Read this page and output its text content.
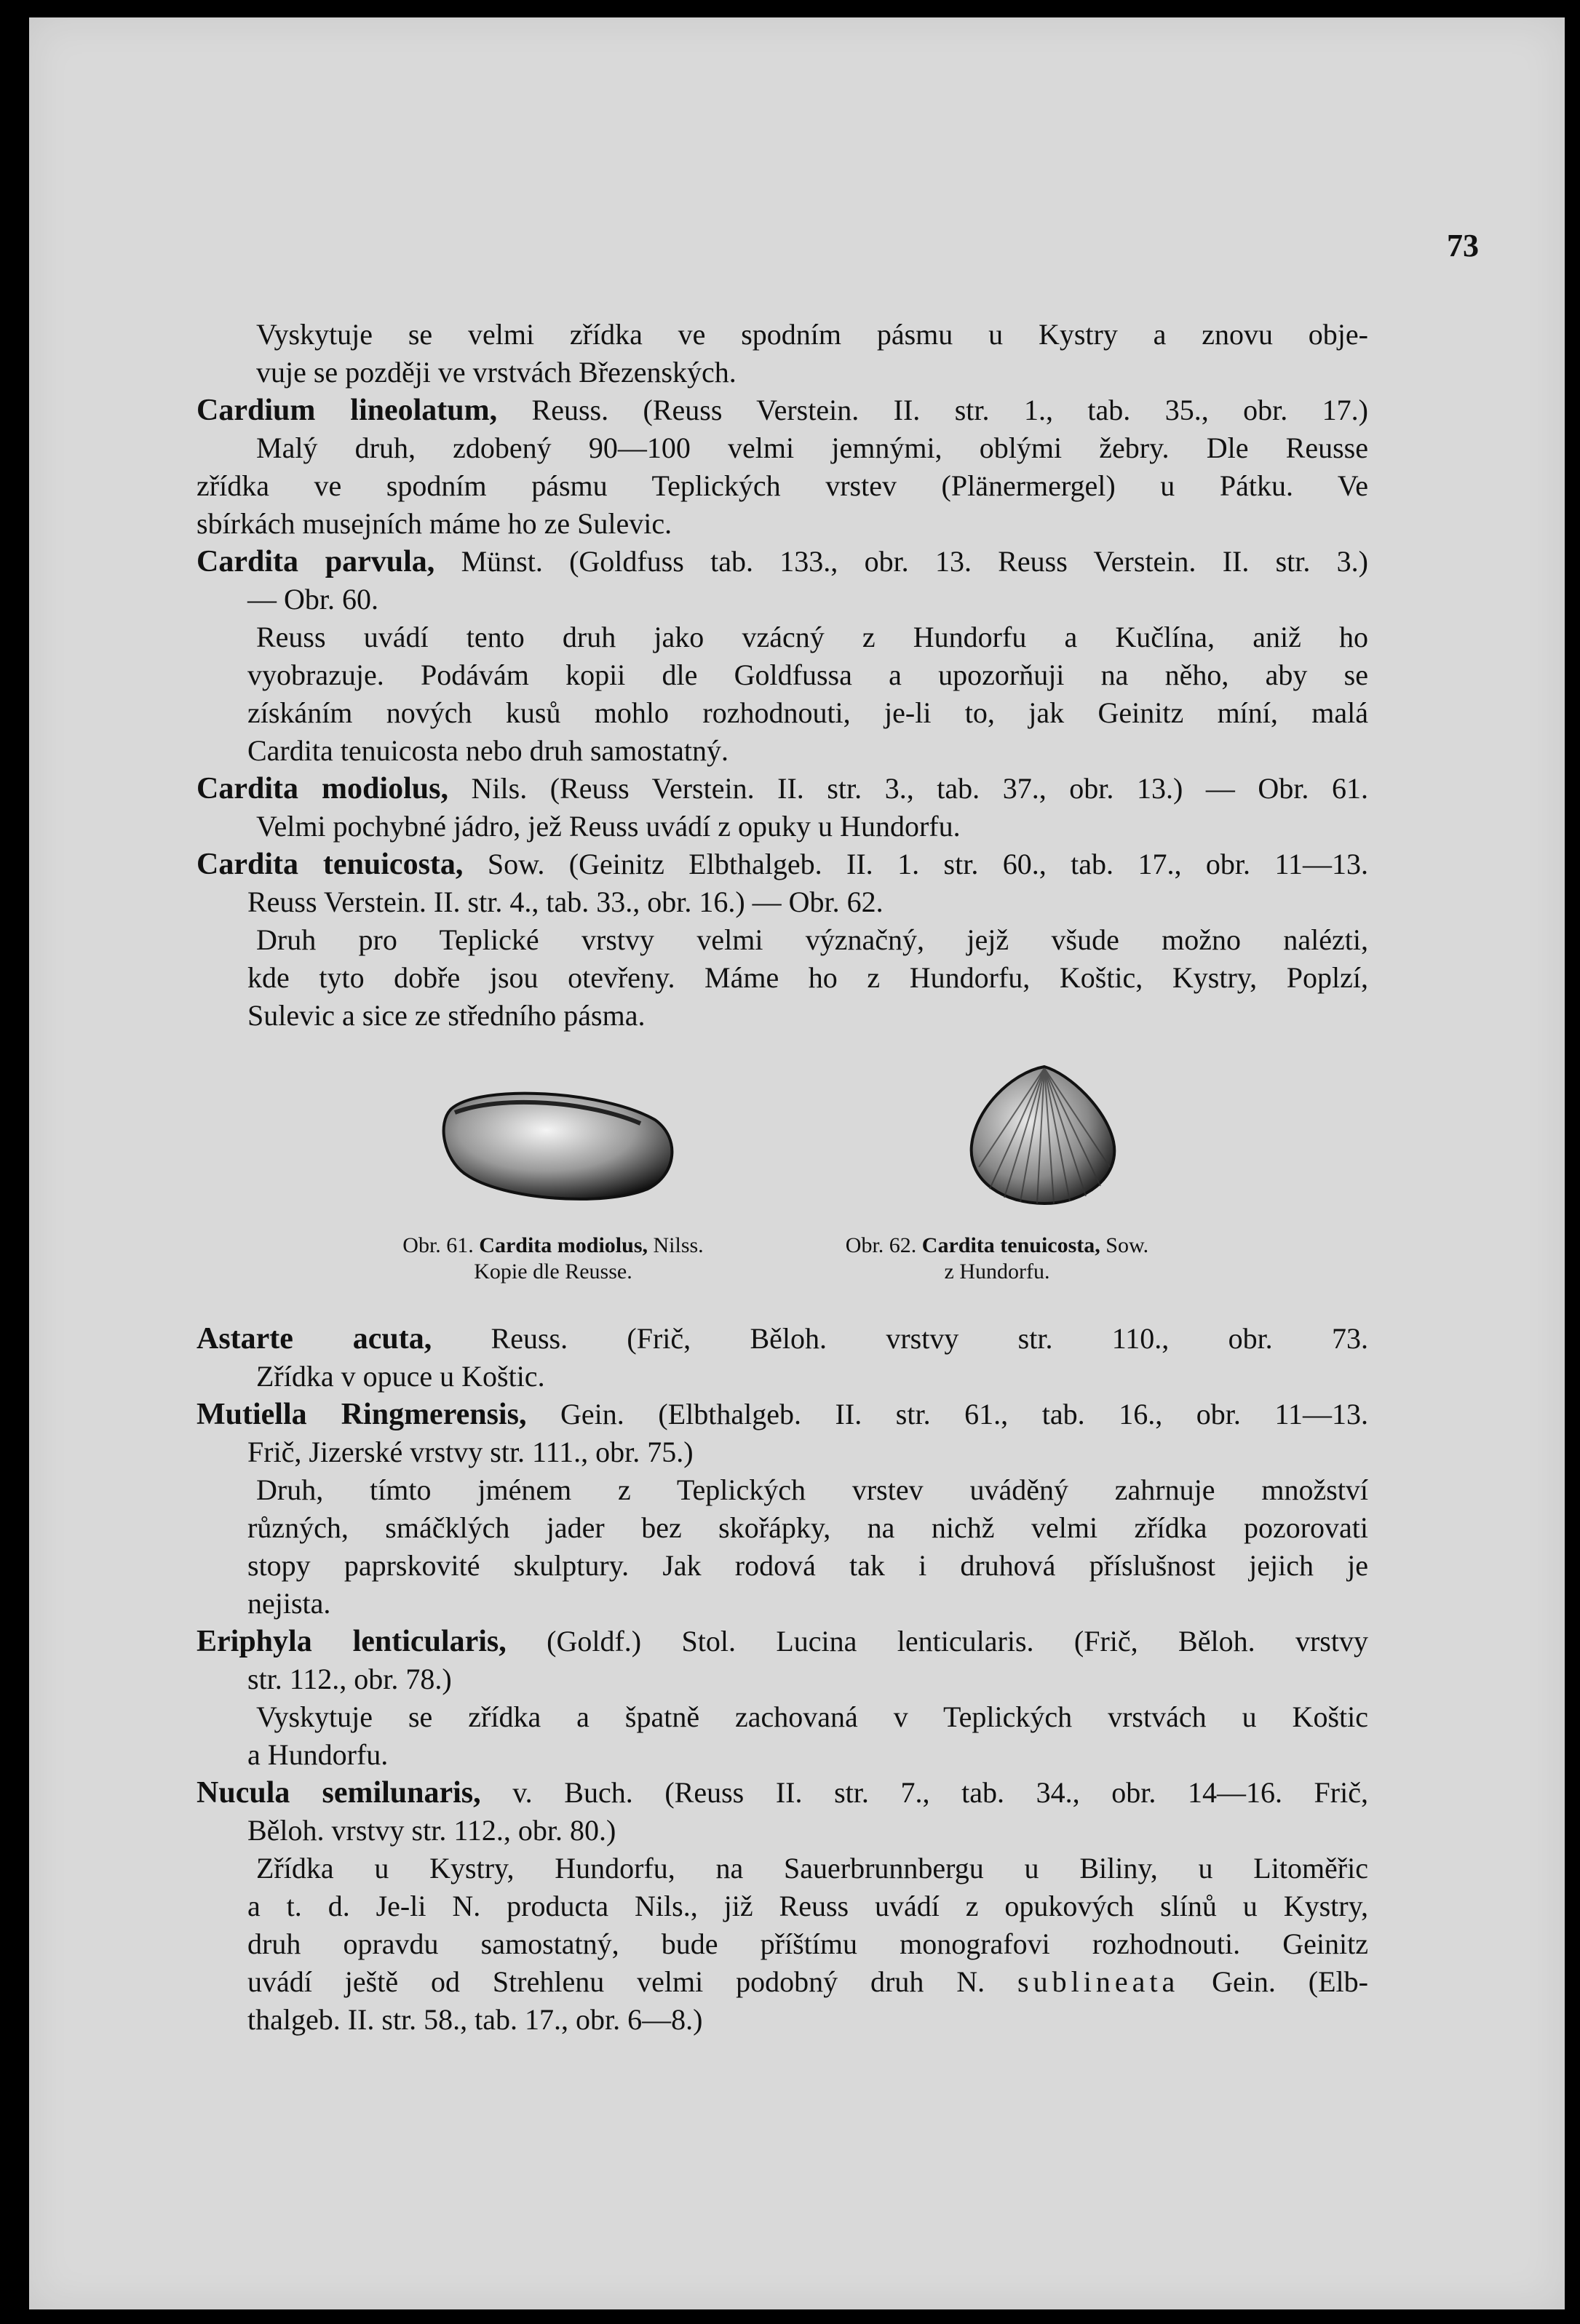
73
Vyskytuje se velmi zřídka ve spodním pásmu u Kystry a znovu obje-
vuje se později ve vrstvách Březenských.
Cardium lineolatum, Reuss. (Reuss Verstein. II. str. 1., tab. 35., obr. 17.)
Malý druh, zdobený 90—100 velmi jemnými, oblými žebry. Dle Reusse
zřídka ve spodním pásmu Teplických vrstev (Plänermergel) u Pátku. Ve
sbírkách musejních máme ho ze Sulevic.
Cardita parvula, Münst. (Goldfuss tab. 133., obr. 13. Reuss Verstein. II. str. 3.)
— Obr. 60.
Reuss uvádí tento druh jako vzácný z Hundorfu a Kučlína, aniž ho
vyobrazuje. Podávám kopii dle Goldfussa a upozorňuji na něho, aby se
získáním nových kusů mohlo rozhodnouti, je-li to, jak Geinitz míní, malá
Cardita tenuicosta nebo druh samostatný.
Cardita modiolus, Nils. (Reuss Verstein. II. str. 3., tab. 37., obr. 13.) — Obr. 61.
Velmi pochybné jádro, jež Reuss uvádí z opuky u Hundorfu.
Cardita tenuicosta, Sow. (Geinitz Elbthalgeb. II. 1. str. 60., tab. 17., obr. 11—13.
Reuss Verstein. II. str. 4., tab. 33., obr. 16.) — Obr. 62.
Druh pro Teplické vrstvy velmi význačný, jejž všude možno nalézti,
kde tyto dobře jsou otevřeny. Máme ho z Hundorfu, Koštic, Kystry, Poplzí,
Sulevic a sice ze středního pásma.
Obr. 61. Cardita modiolus, Nilss.
Kopie dle Reusse.
Obr. 62. Cardita tenuicosta, Sow.
z Hundorfu.
Astarte acuta, Reuss. (Frič, Běloh. vrstvy str. 110., obr. 73.
Zřídka v opuce u Koštic.
Mutiella Ringmerensis, Gein. (Elbthalgeb. II. str. 61., tab. 16., obr. 11—13.
Frič, Jizerské vrstvy str. 111., obr. 75.)
Druh, tímto jménem z Teplických vrstev uváděný zahrnuje množství
různých, smáčklých jader bez skořápky, na nichž velmi zřídka pozorovati
stopy paprskovité skulptury. Jak rodová tak i druhová příslušnost jejich je
nejista.
Eriphyla lenticularis, (Goldf.) Stol. Lucina lenticularis. (Frič, Běloh. vrstvy
str. 112., obr. 78.)
Vyskytuje se zřídka a špatně zachovaná v Teplických vrstvách u Koštic
a Hundorfu.
Nucula semilunaris, v. Buch. (Reuss II. str. 7., tab. 34., obr. 14—16. Frič,
Běloh. vrstvy str. 112., obr. 80.)
Zřídka u Kystry, Hundorfu, na Sauerbrunnbergu u Biliny, u Litoměřic
a t. d. Je-li N. producta Nils., již Reuss uvádí z opukových slínů u Kystry,
druh opravdu samostatný, bude příštímu monografovi rozhodnouti. Geinitz
uvádí ještě od Strehlenu velmi podobný druh N. sublineata Gein. (Elb-
thalgeb. II. str. 58., tab. 17., obr. 6—8.)
